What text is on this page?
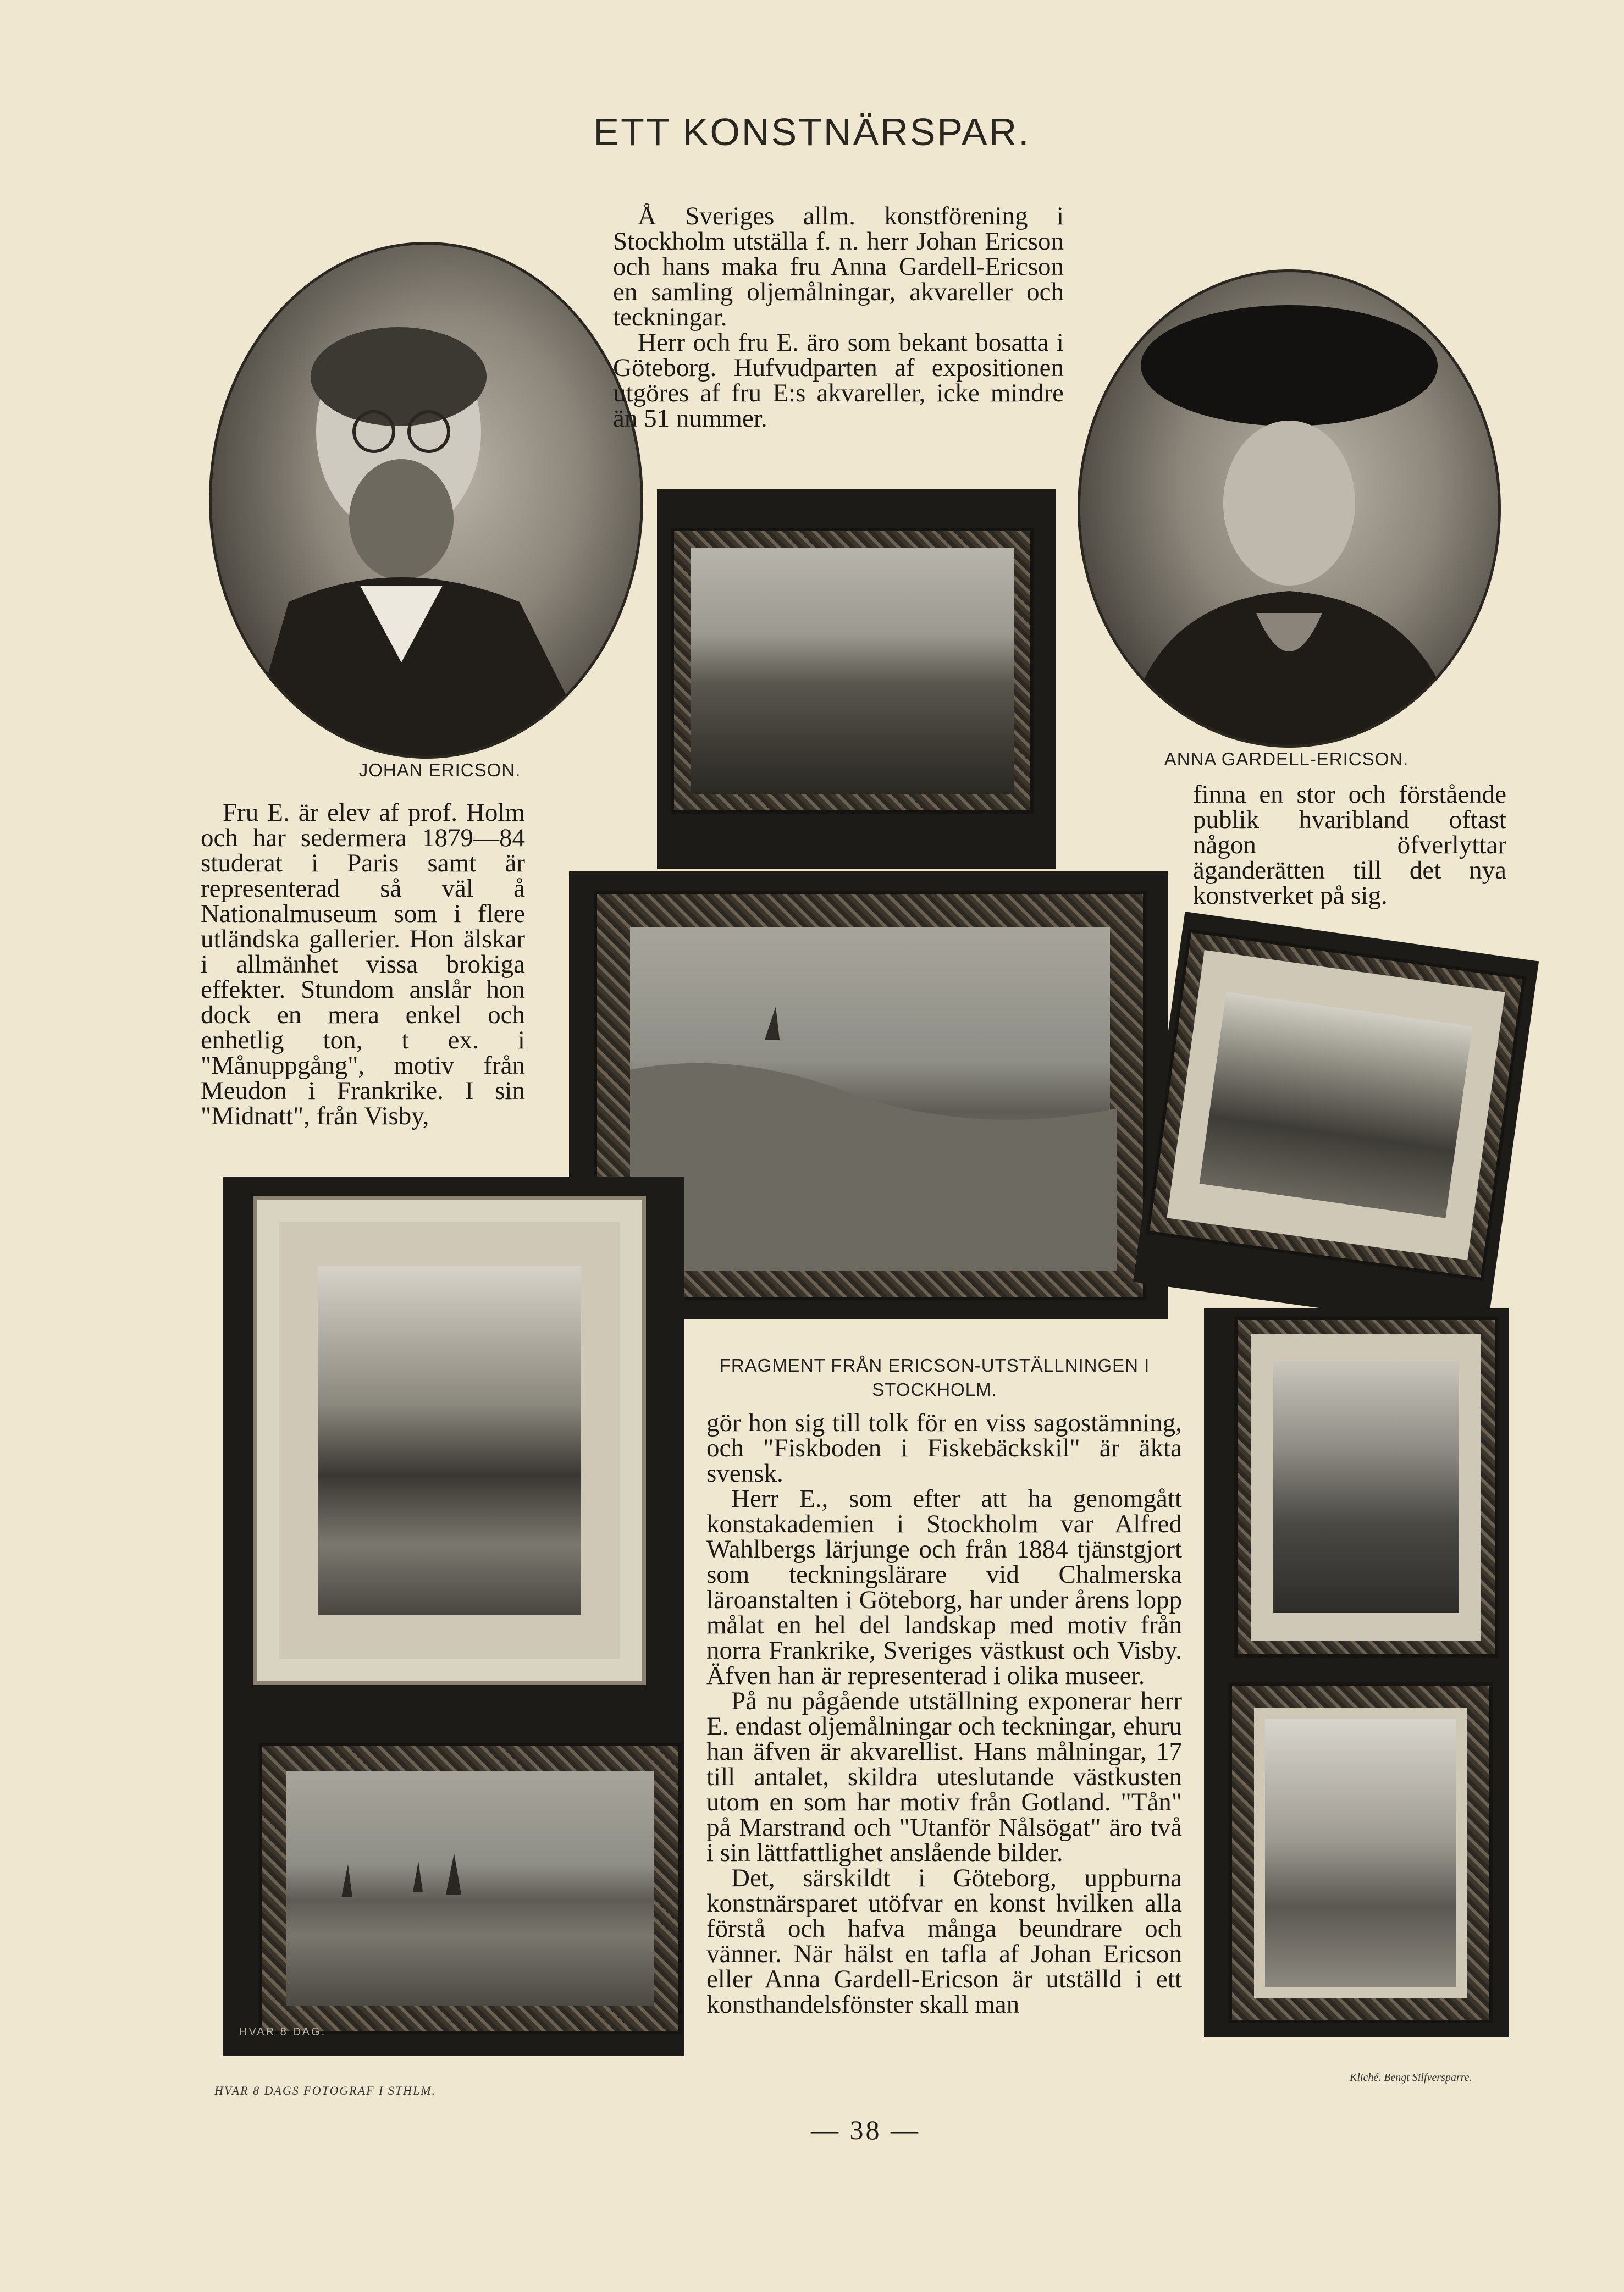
ETT KONSTNÄRSPAR.
JOHAN ERICSON.
ANNA GARDELL-ERICSON.

Å Sveriges allm. konstförening i Stockholm utställa f. n. herr Johan Ericson och hans maka fru Anna Gardell-Ericson en samling oljemålningar, akvareller och teckningar.

Herr och fru E. äro som bekant bosatta i Göteborg. Hufvudparten af expositionen utgöres af fru E:s akvareller, icke mindre än 51 nummer.

Fru E. är elev af prof. Holm och har sedermera 1879—84 studerat i Paris samt är representerad så väl å Nationalmuseum som i flere utländska gallerier. Hon älskar i allmänhet vissa brokiga effekter. Stundom anslår hon dock en mera enkel och enhetlig ton, t ex. i "Månuppgång", motiv från Meudon i Frankrike. I sin "Midnatt", från Visby,

finna en stor och förstående publik hvaribland oftast någon öfverlyttar äganderätten till det nya konstverket på sig.

HVAR 8 DAG.
FRAGMENT FRÅN ERICSON-UTSTÄLLNINGEN I STOCKHOLM.

gör hon sig till tolk för en viss sagostämning, och "Fiskboden i Fiskebäckskil" är äkta svensk.

Herr E., som efter att ha genomgått konstakademien i Stockholm var Alfred Wahlbergs lärjunge och från 1884 tjänstgjort som teckningslärare vid Chalmerska läroanstalten i Göteborg, har under årens lopp målat en hel del landskap med motiv från norra Frankrike, Sveriges västkust och Visby. Äfven han är representerad i olika museer.

På nu pågående utställning exponerar herr E. endast oljemålningar och teckningar, ehuru han äfven är akvarellist. Hans målningar, 17 till antalet, skildra uteslutande västkusten utom en som har motiv från Gotland. "Tån" på Marstrand och "Utanför Nålsögat" äro två i sin lättfattlighet anslående bilder.

Det, särskildt i Göteborg, uppburna konstnärsparet utöfvar en konst hvilken alla förstå och hafva många beundrare och vänner. När hälst en tafla af Johan Ericson eller Anna Gardell-Ericson är utställd i ett konsthandelsfönster skall man

HVAR 8 DAGS FOTOGRAF I STHLM.
Kliché. Bengt Silfversparre.
— 38 —
